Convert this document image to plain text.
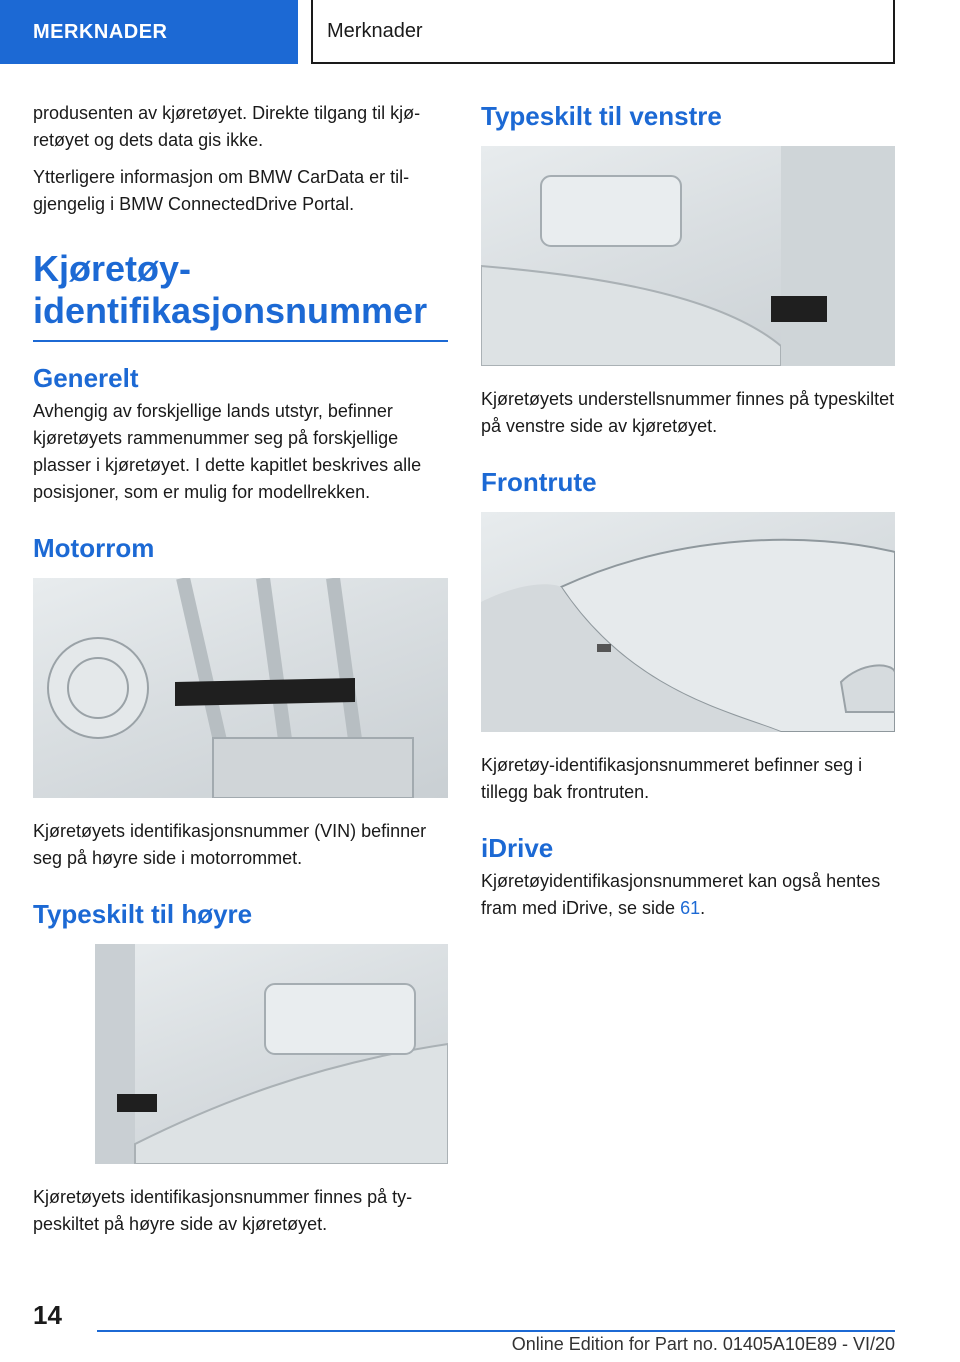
MERKNADER	Merknader

produsenten av kjøretøyet. Direkte tilgang til kjøretøyet og dets data gis ikke.

Ytterligere informasjon om BMW CarData er tilgjengelig i BMW ConnectedDrive Portal.

Kjøretøy-identifikasjonsnummer
Generelt

Avhengig av forskjellige lands utstyr, befinner kjøretøyets rammenummer seg på forskjellige plasser i kjøretøyet. I dette kapitlet beskrives alle posisjoner, som er mulig for modellrekken.

Motorrom

Kjøretøyets identifikasjonsnummer (VIN) befinner seg på høyre side i motorrommet.

Typeskilt til høyre

Kjøretøyets identifikasjonsnummer finnes på typeskiltet på høyre side av kjøretøyet.

Typeskilt til venstre

Kjøretøyets understellsnummer finnes på typeskiltet på venstre side av kjøretøyet.

Frontrute

Kjøretøy-identifikasjonsnummeret befinner seg i tillegg bak frontruten.

iDrive

Kjøretøyidentifikasjonsnummeret kan også hentes fram med iDrive, se side 61.

14
Online Edition for Part no. 01405A10E89 - VI/20
